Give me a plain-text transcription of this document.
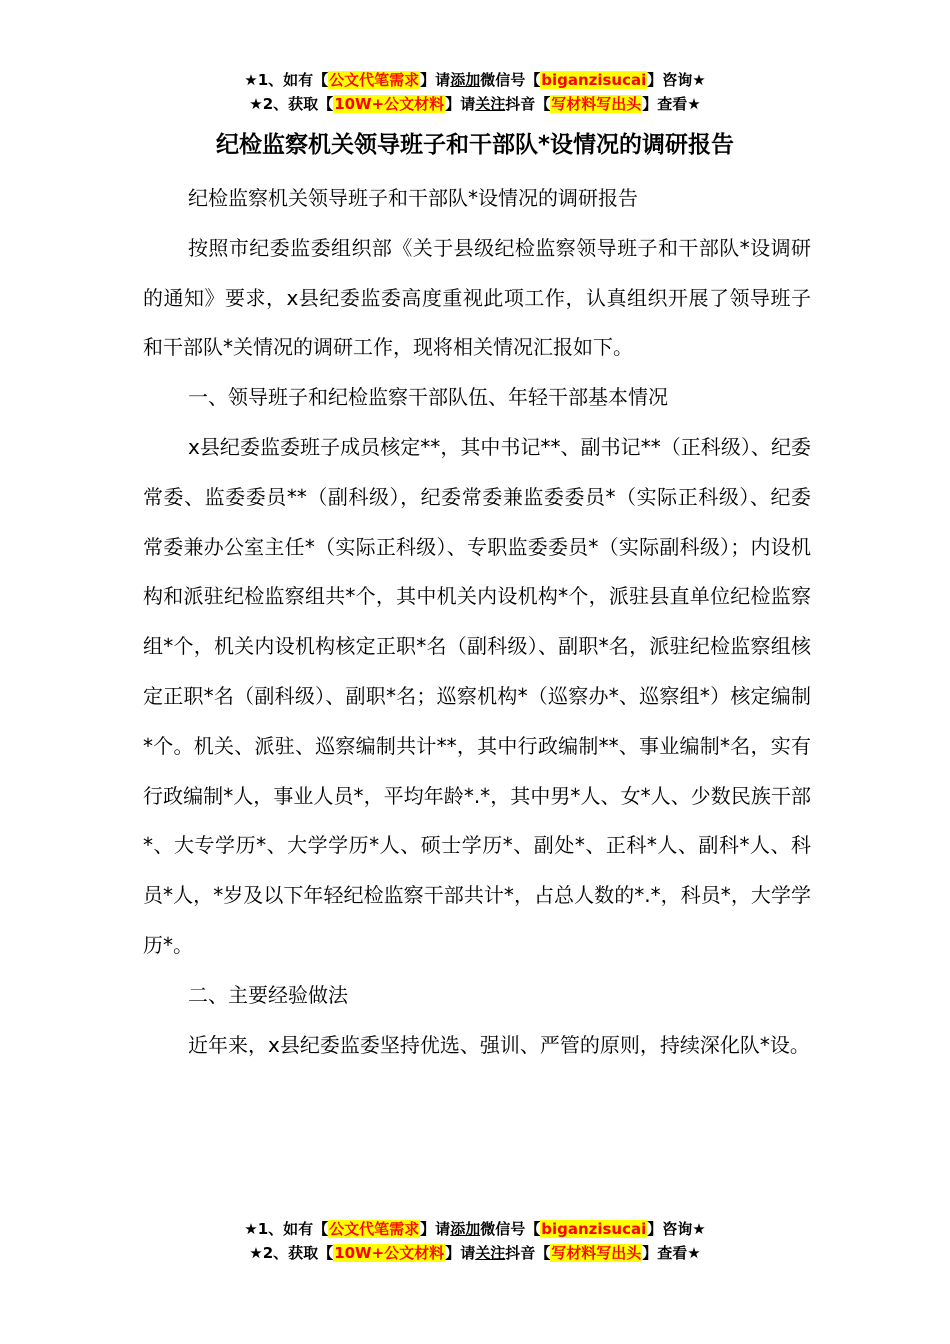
★1、如有【公文代笔需求】请添加微信号【biganzisucai】咨询★
★2、获取【10W+公文材料】请关注抖音【写材料写出头】查看★
纪检监察机关领导班子和干部队*设情况的调研报告

纪检监察机关领导班子和干部队*设情况的调研报告

按照市纪委监委组织部《关于县级纪检监察领导班子和干部队*设调研的通知》要求，x县纪委监委高度重视此项工作，认真组织开展了领导班子和干部队*关情况的调研工作，现将相关情况汇报如下。

一、领导班子和纪检监察干部队伍、年轻干部基本情况

x县纪委监委班子成员核定**，其中书记**、副书记**（正科级）、纪委常委、监委委员**（副科级），纪委常委兼监委委员*（实际正科级）、纪委常委兼办公室主任*（实际正科级）、专职监委委员*（实际副科级）；内设机构和派驻纪检监察组共*个，其中机关内设机构*个，派驻县直单位纪检监察组*个，机关内设机构核定正职*名（副科级）、副职*名，派驻纪检监察组核定正职*名（副科级）、副职*名；巡察机构*（巡察办*、巡察组*）核定编制*个。机关、派驻、巡察编制共计**，其中行政编制**、事业编制*名，实有行政编制*人，事业人员*，平均年龄*.*，其中男*人、女*人、少数民族干部*、大专学历*、大学学历*人、硕士学历*、副处*、正科*人、副科*人、科员*人，*岁及以下年轻纪检监察干部共计*，占总人数的*.*，科员*，大学学历*。

二、主要经验做法

近年来，x县纪委监委坚持优选、强训、严管的原则，持续深化队*设。

★1、如有【公文代笔需求】请添加微信号【biganzisucai】咨询★
★2、获取【10W+公文材料】请关注抖音【写材料写出头】查看★
